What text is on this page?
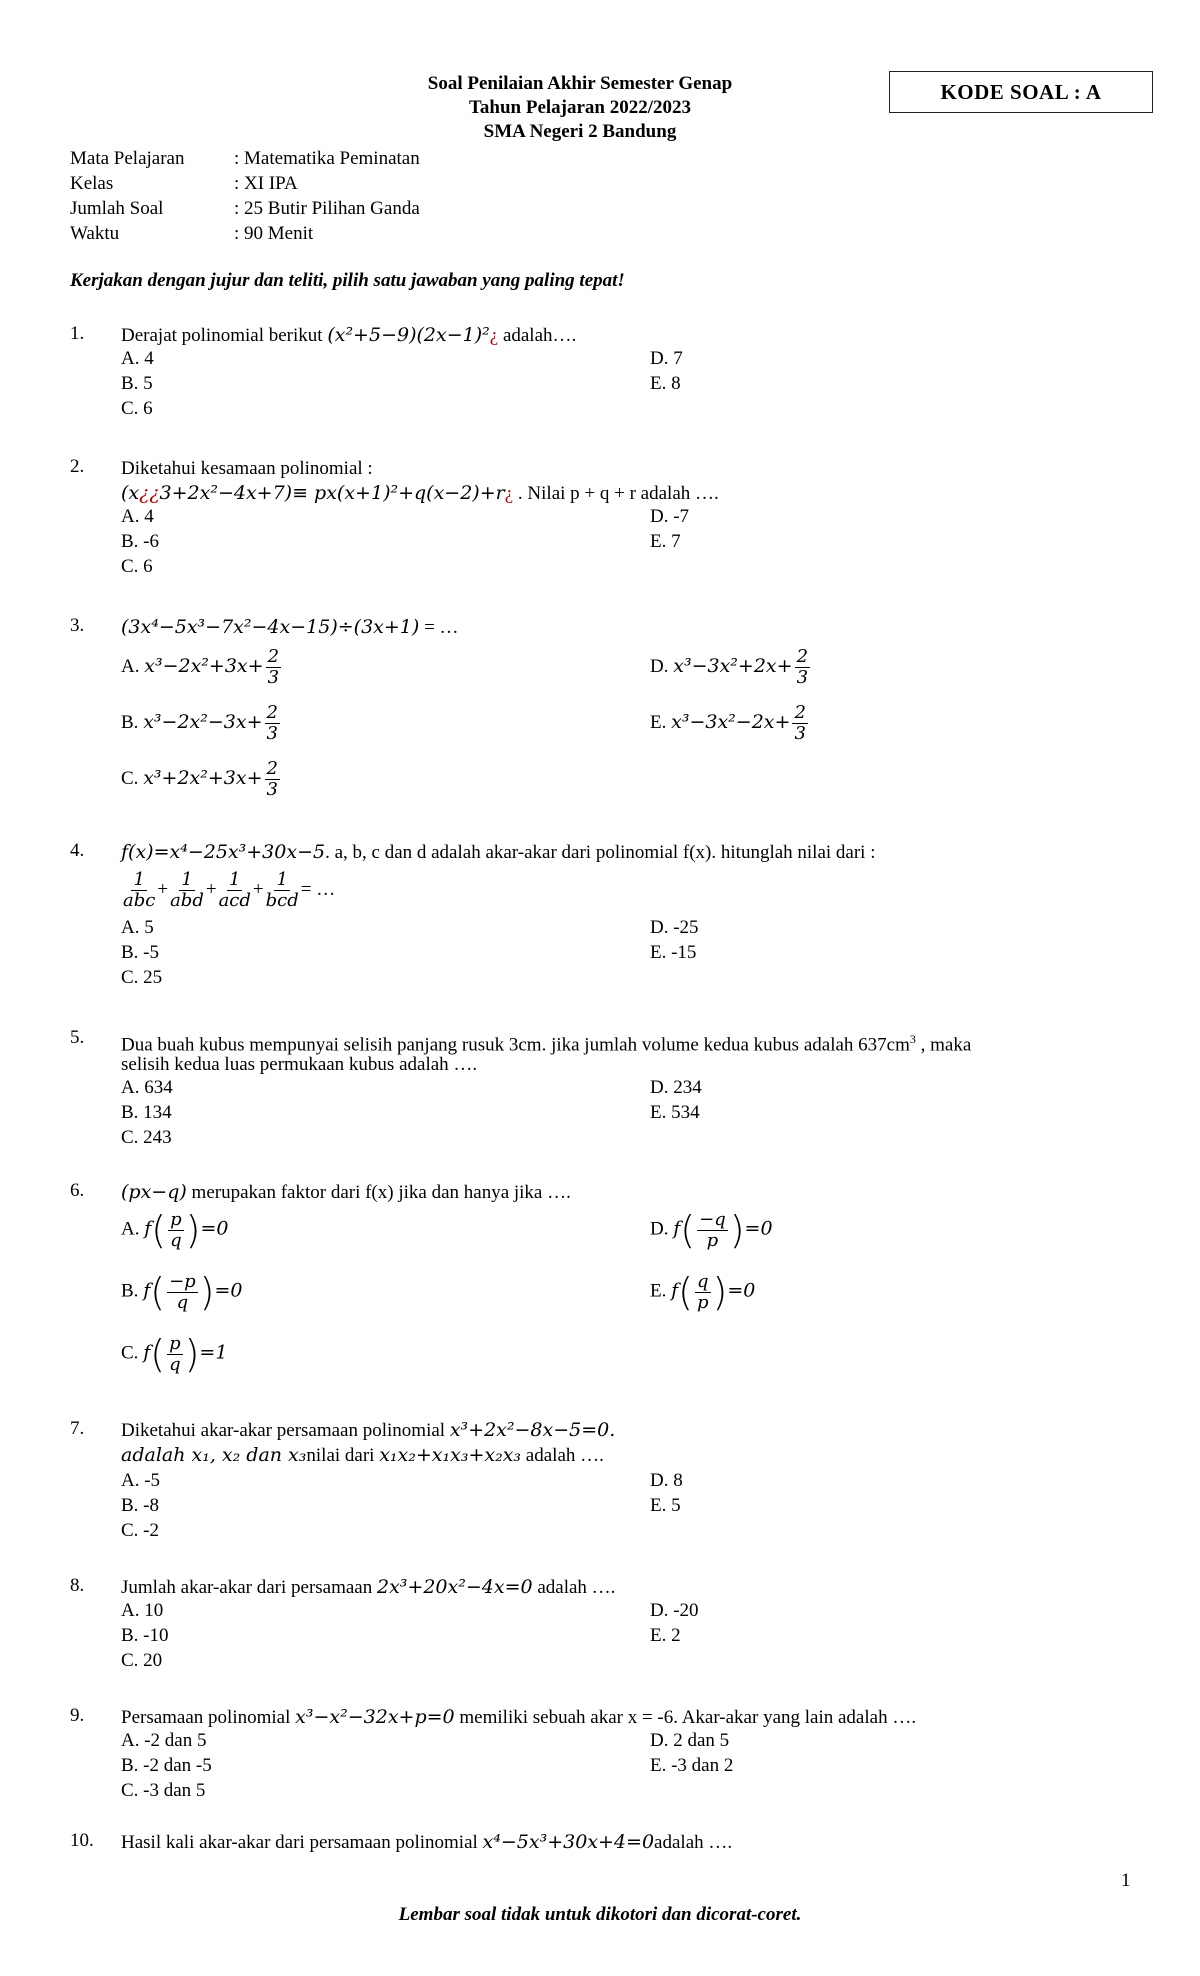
KODE SOAL : A
Soal Penilaian Akhir Semester Genap
Tahun Pelajaran 2022/2023
SMA Negeri 2 Bandung
Mata Pelajaran	: Matematika Peminatan
Kelas	: XI IPA
Jumlah Soal	: 25 Butir Pilihan Ganda
Waktu	: 90 Menit
Kerjakan dengan jujur dan teliti, pilih satu jawaban yang paling tepat!
1. Derajat polinomial berikut (x²+5−9)(2x−1)²¿ adalah….
A. 4
B. 5
C. 6
D. 7
E. 8
2. Diketahui kesamaan polinomial :
(x¿¿3+2x²−4x+7)≡ px(x+1)²+q(x−2)+r¿ . Nilai p + q + r adalah ….
A. 4
B. -6
C. 6
D. -7
E. 7
3. (3x⁴−5x³−7x²−4x−15)÷(3x+1) = …
A. $x^3-2x^2+3x+ \frac{2}{3}$
B. $x^3-2x^2-3x+ \frac{2}{3}$
C. $x^3+2x^2+3x+ \frac{2}{3}$
D. $x^3-3x^2+2x+ \frac{2}{3}$
E. $x^3-3x^2-2x+ \frac{2}{3}$
4. f(x)=x⁴−25x³+30x−5. a, b, c dan d adalah akar-akar dari polinomial f(x). hitunglah nilai dari :
$\frac{1}{\text{abc}} + \frac{1}{\text{abd}} + \frac{1}{\text{acd}} + \frac{1}{\text{bcd}}$ = …
A. 5
B. -5
C. 25
D. -25
E. -15
5. Dua buah kubus mempunyai selisih panjang rusuk 3cm. jika jumlah volume kedua kubus adalah $637cm^3$ , maka
selisih kedua luas permukaan kubus adalah ….
A. 634
B. 134
C. 243
D. 234
E. 534
6. (px−q) merupakan faktor dari f(x) jika dan hanya jika ….
A. $f( \frac{p}{q} )=0$
B. $f( \frac{-p}{q} )=0$
C. $f( \frac{p}{q} )=1$
D. $f( \frac{-q}{p} )=0$
E. $f( \frac{q}{p} )=0$
7. Diketahui akar-akar persamaan polinomial x³+2x²−8x−5=0.
adalah x₁, x₂ dan x₃nilai dari x₁x₂+x₁x₃+x₂x₃ adalah ….
A. -5
B. -8
C. -2
D. 8
E. 5
8. Jumlah akar-akar dari persamaan 2x³+20x²−4x=0 adalah ….
A. 10
B. -10
C. 20
D. -20
E. 2
9. Persamaan polinomial x³−x²−32x+p=0 memiliki sebuah akar x = -6. Akar-akar yang lain adalah ….
A. -2 dan 5
B. -2 dan -5
C. -3 dan 5
D. 2 dan 5
E. -3 dan 2
10. Hasil kali akar-akar dari persamaan polinomial x⁴−5x³+30x+4=0adalah ….
1
Lembar soal tidak untuk dikotori dan dicorat-coret.
